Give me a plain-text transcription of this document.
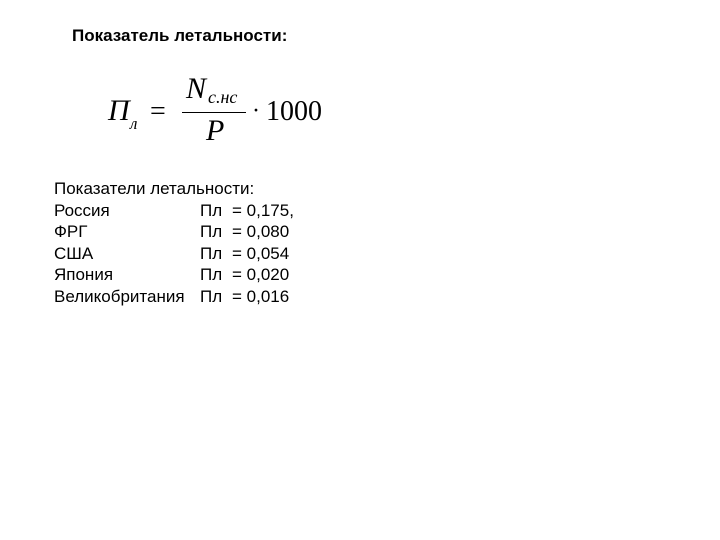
Показатель летальности:
П л =
N с.нс
P
· 1000
Показатели летальности:
Россия	Пл = 0,175,
ФРГ	Пл = 0,080
США	Пл = 0,054
Япония	Пл = 0,020
Великобритания Пл = 0,016
